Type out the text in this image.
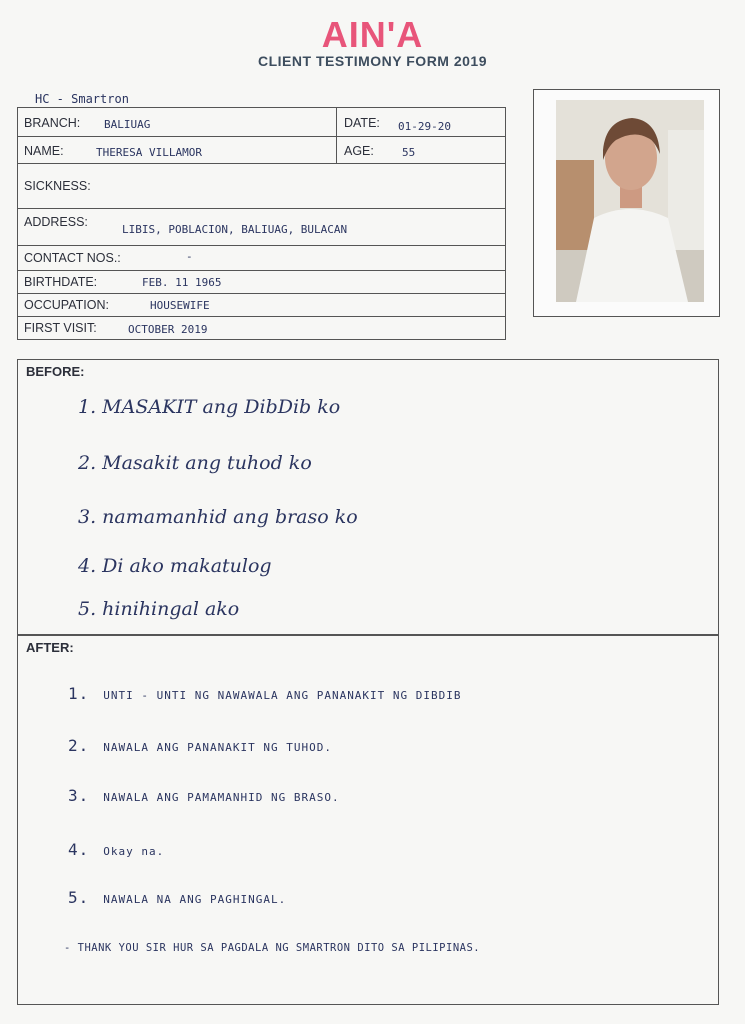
AIN'A
CLIENT TESTIMONY FORM 2019
HC - Smartron
BRANCH: BALIUAG	DATE: 01-29-20
NAME:	THERESA VILLAMOR	AGE:	55
SICKNESS:
ADDRESS:
LIBIS, POBLACION, BALIUAG, BULACAN
CONTACT NOS.:	-
BIRTHDATE:	FEB. 11 1965
OCCUPATION:	HOUSEWIFE
FIRST VISIT:	OCTOBER 2019
BEFORE:
1. MASAKIT ang DibDib ko
2. Masakit ang tuhod ko
3. namamanhid ang braso ko
4. Di ako makatulog
5. hinihingal ako
AFTER:
1. UNTI - UNTI NG NAWAWALA ANG PANANAKIT NG DIBDIB
2. NAWALA ANG PANANAKIT NG TUHOD.
3. NAWALA ANG PAMAMANHID NG BRASO.
4. Okay na.
5. NAWALA NA ANG PAGHINGAL.
- THANK YOU SIR HUR SA PAGDALA NG SMARTRON DITO SA PILIPINAS.
